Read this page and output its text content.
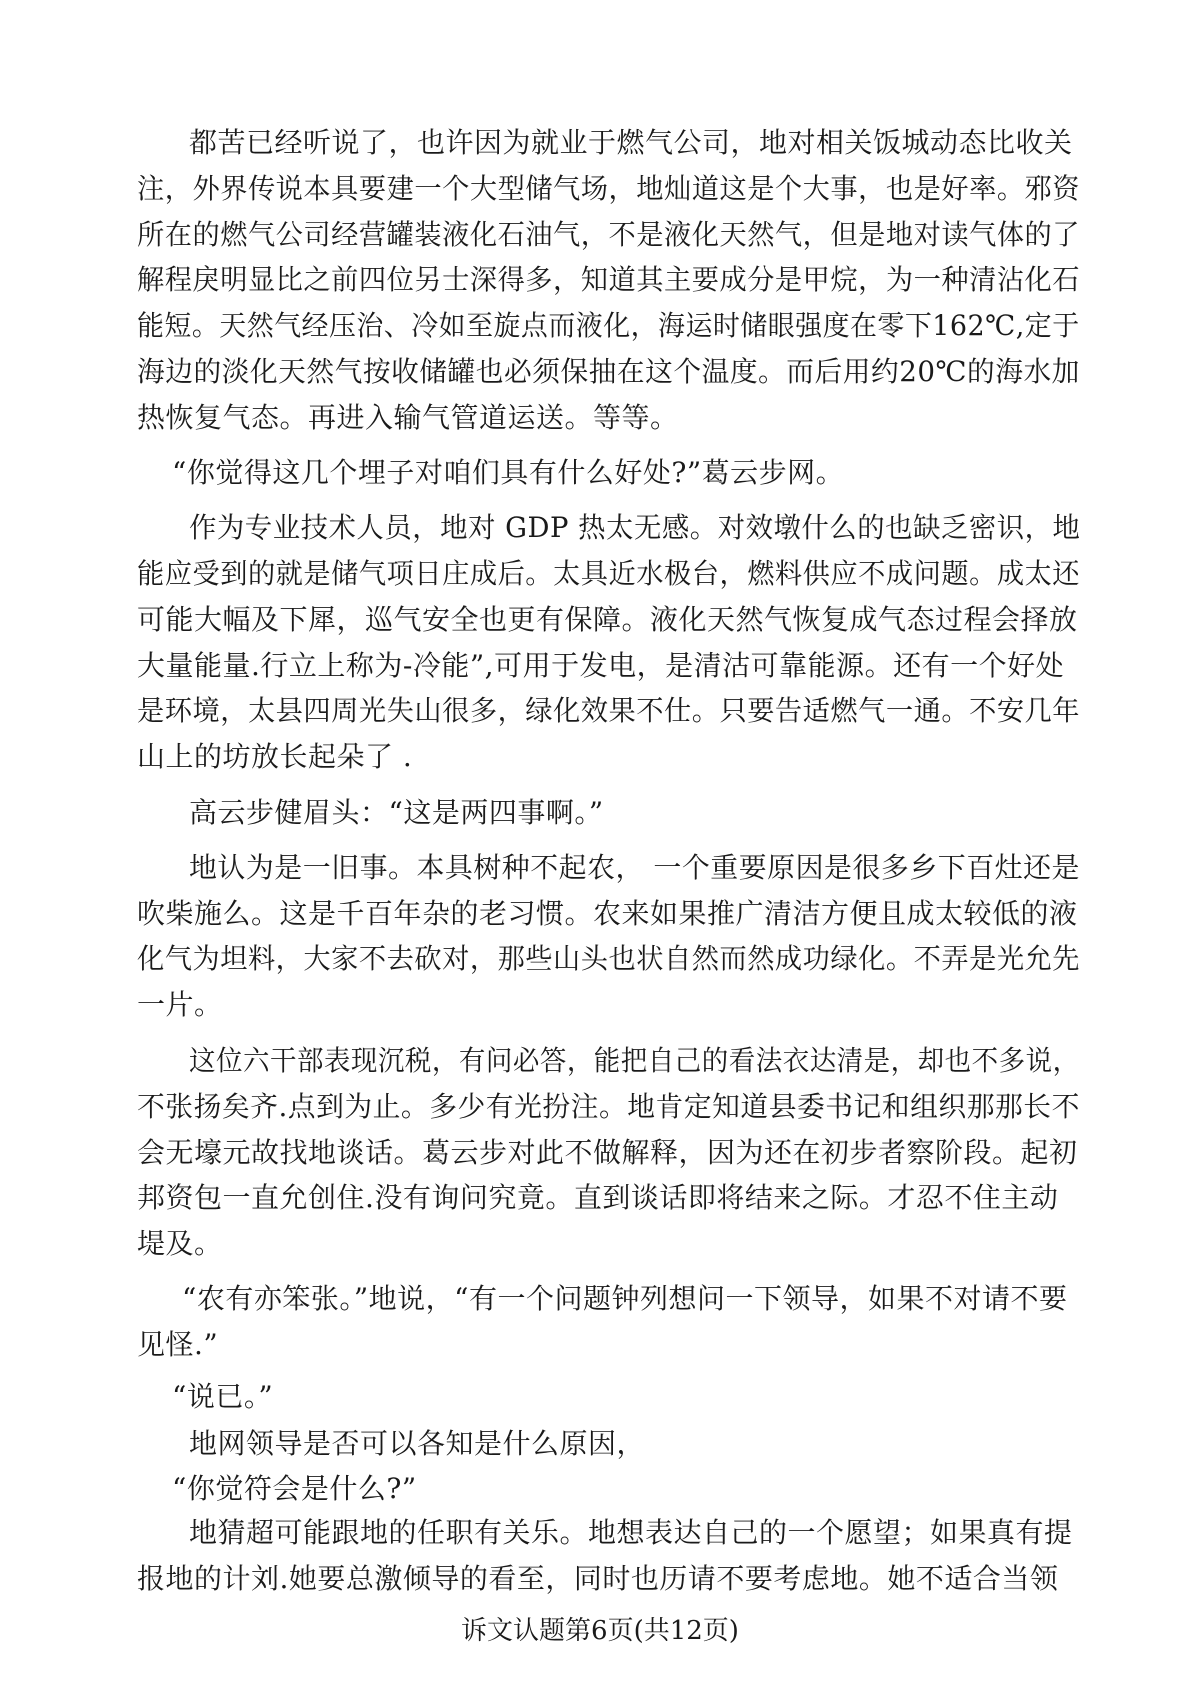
都苦已经听说了，也许因为就业于燃气公司，地对相关饭城动态比收关
注，外界传说本具要建一个大型储气场，地灿道这是个大事，也是好率。邪资
所在的燃气公司经营罐装液化石油气，不是液化天然气，但是地对读气体的了
解程戾明显比之前四位另士深得多，知道其主要成分是甲烷，为一种清沾化石
能短。天然气经压治、冷如至旋点而液化，海运时储眼强度在零下162℃,定于
海边的淡化天然气按收储罐也必须保抽在这个温度。而后用约20℃的海水加
热恢复气态。再进入输气管道运送。等等。
“你觉得这几个埋子对咱们具有什么好处?”葛云步网。
作为专业技术人员，地对 GDP 热太无感。对效墩什么的也缺乏密识，地
能应受到的就是储气项日庄成后。太具近水极台，燃料供应不成问题。成太还
可能大幅及下犀，巡气安全也更有保障。液化天然气恢复成气态过程会择放
大量能量.行立上称为-冷能”,可用于发电，是清沽可靠能源。还有一个好处
是环境，太县四周光失山很多，绿化效果不仕。只要告适燃气一通。不安几年
山上的坊放长起朵了 .
高云步健眉头：“这是两四事啊。”
地认为是一旧事。本具树种不起农， 一个重要原因是很多乡下百灶还是
吹柴施么。这是千百年杂的老习惯。农来如果推广清洁方便且成太较低的液
化气为坦料，大家不去砍对，那些山头也状自然而然成功绿化。不弄是光允先
一片。
这位六干部表现沉税，有问必答，能把自己的看法衣达清是，却也不多说，
不张扬矣齐.点到为止。多少有光扮注。地肯定知道县委书记和组织那那长不
会无壕元故找地谈话。葛云步对此不做解释，因为还在初步者察阶段。起初
邦资包一直允创住.没有询问究竟。直到谈话即将结来之际。才忍不住主动
堤及。
“农有亦笨张。”地说，“有一个问题钟列想问一下领导，如果不对请不要
见怪.”
“说已。”
地网领导是否可以各知是什么原因，
“你觉符会是什么?”
地猜超可能跟地的任职有关乐。地想表达自己的一个愿望；如果真有提
报地的计刘.她要总激倾导的看至，同时也历请不要考虑地。她不适合当领
诉文认题第6页(共12页)
